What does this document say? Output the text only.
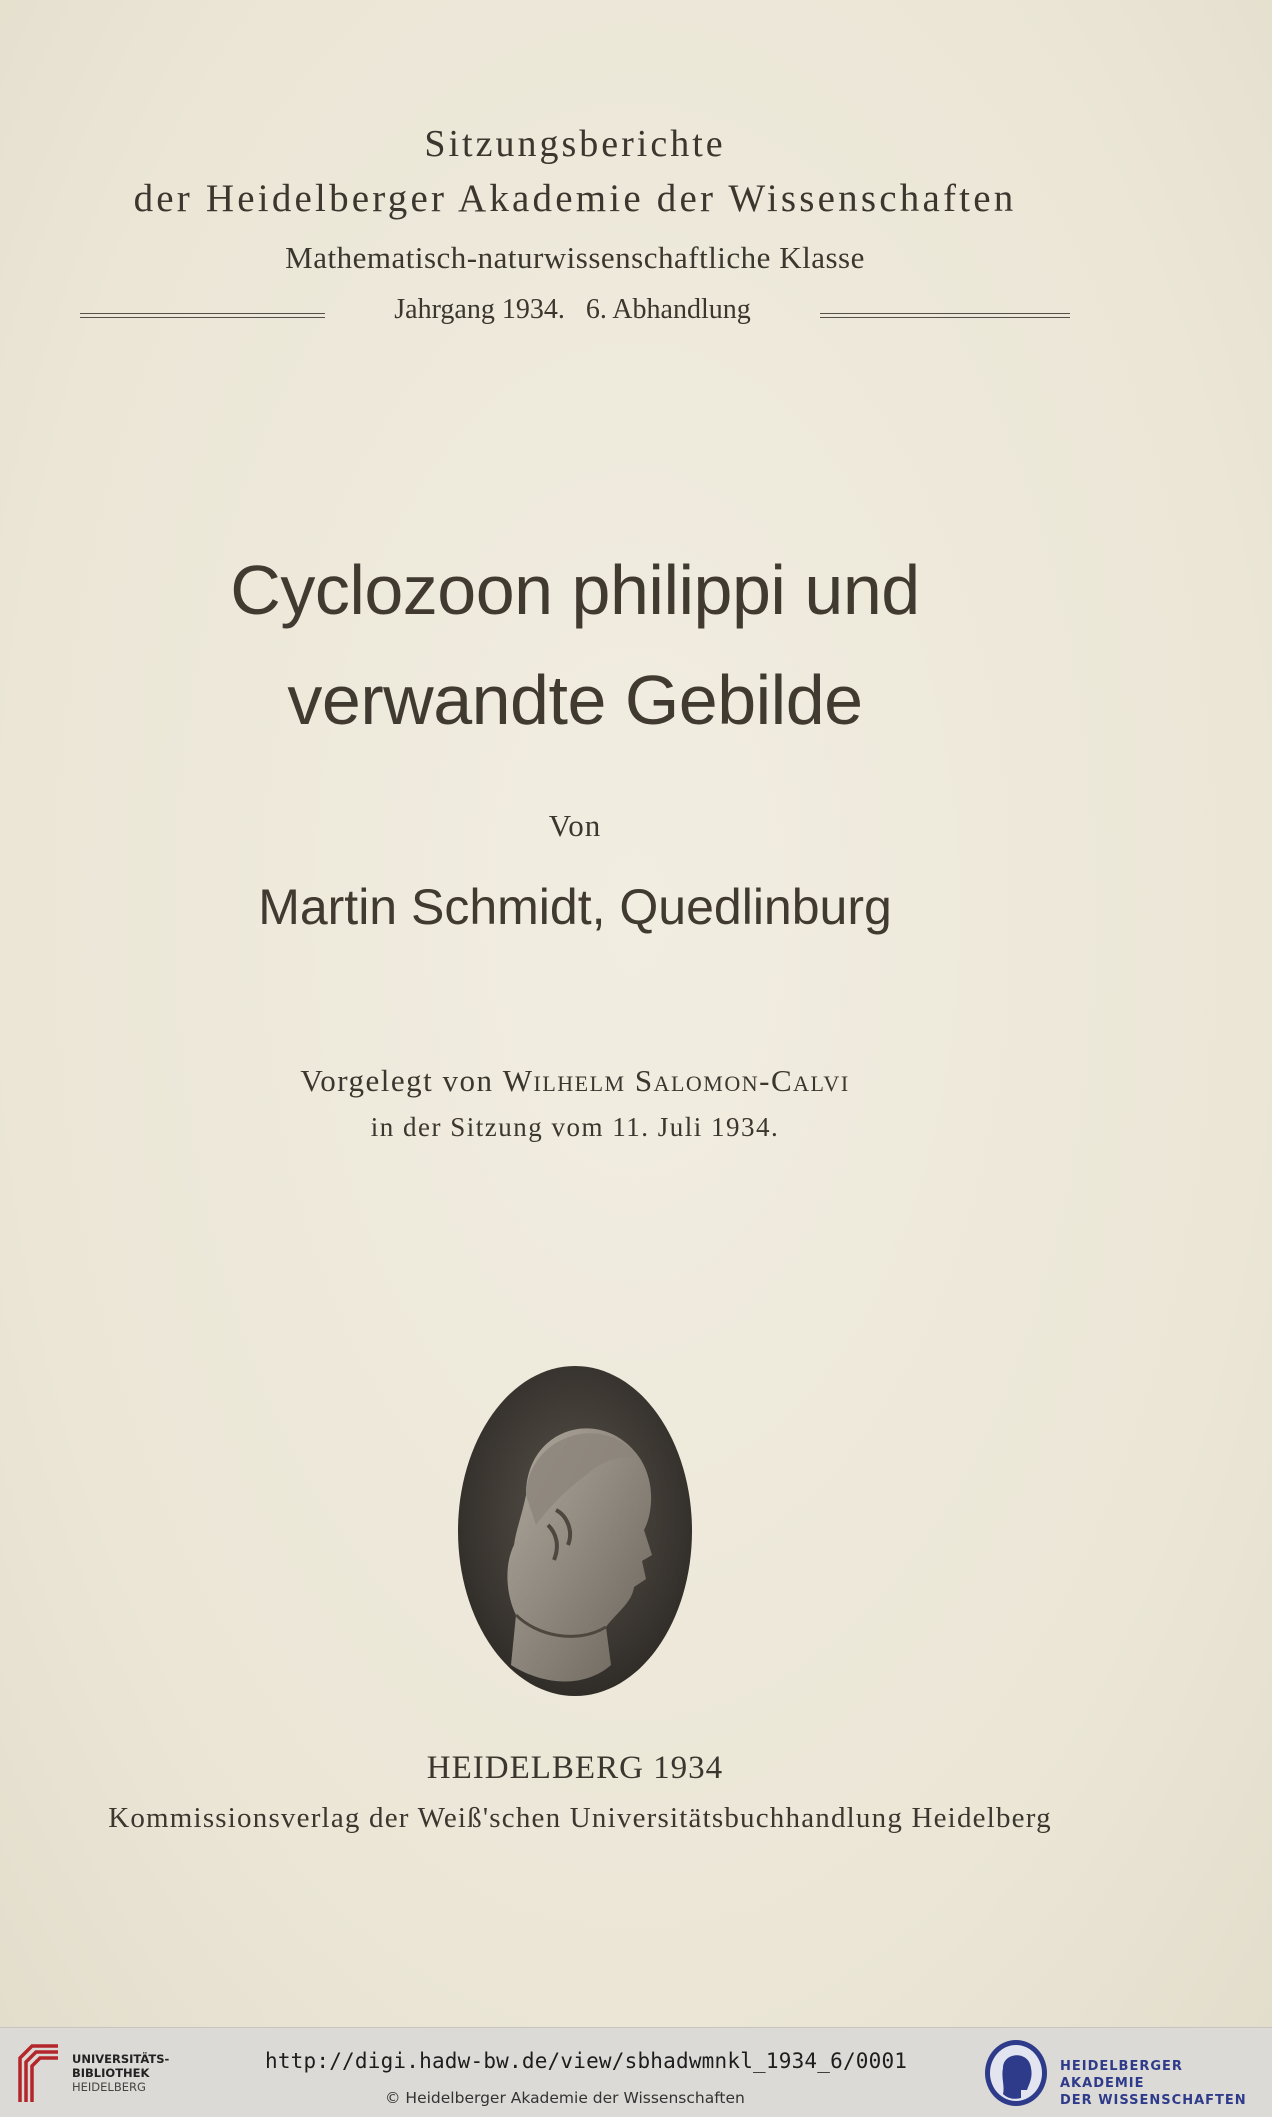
Sitzungsberichte
der Heidelberger Akademie der Wissenschaften
Mathematisch-naturwissenschaftliche Klasse
Jahrgang 1934.   6. Abhandlung
Cyclozoon philippi und
verwandte Gebilde
Von
Martin Schmidt, Quedlinburg
Vorgelegt von Wilhelm Salomon-Calvi
in der Sitzung vom 11. Juli 1934.
HEIDELBERG 1934
Kommissionsverlag der Weiß'schen Universitätsbuchhandlung Heidelberg
UNIVERSITÄTS-
BIBLIOTHEK
HEIDELBERG
http://digi.hadw-bw.de/view/sbhadwmnkl_1934_6/0001
© Heidelberger Akademie der Wissenschaften
HEIDELBERGER AKADEMIE
DER WISSENSCHAFTEN
